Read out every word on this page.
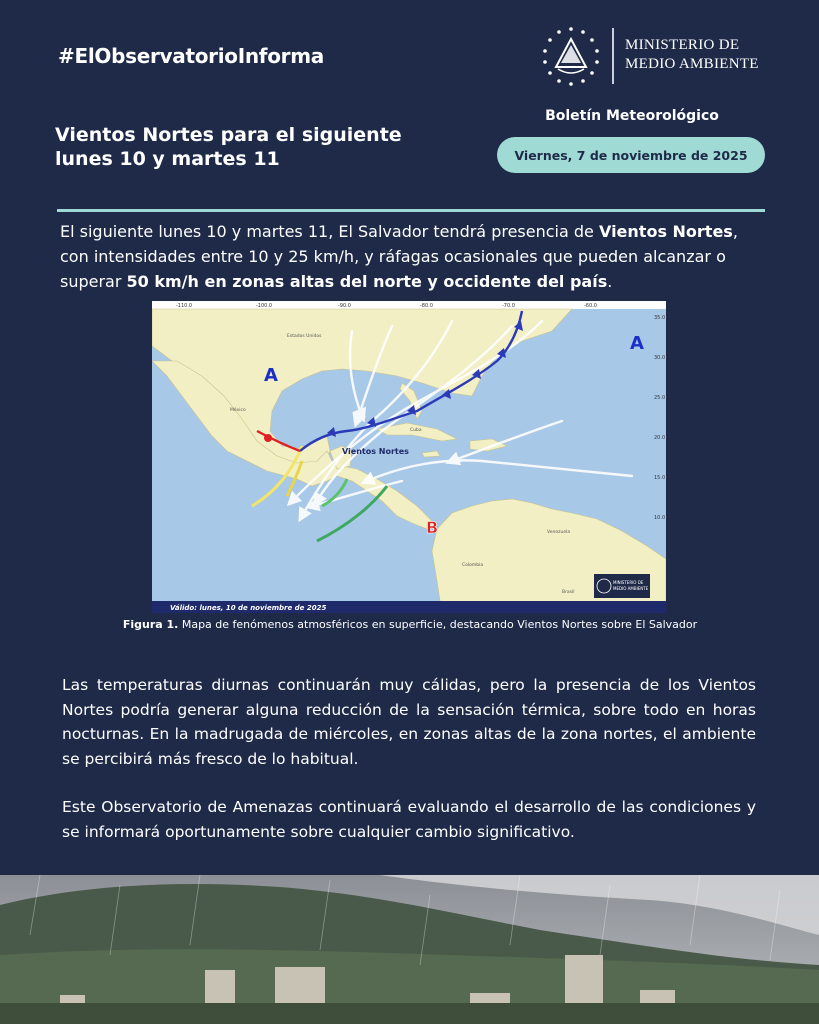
#ElObservatorioInforma	MINISTERIO DE
MEDIO AMBIENTE
Boletín Meteorológico
Viernes, 7 de noviembre de 2025
Vientos Nortes para el siguiente
lunes 10 y martes 11
El siguiente lunes 10 y martes 11, El Salvador tendrá presencia de Vientos Nortes, con intensidades entre 10 y 25 km/h, y ráfagas ocasionales que pueden alcanzar o superar 50 km/h en zonas altas del norte y occidente del país.
-110.0	-100.0	-90.0	-80.0	-70.0	-60.0
35.0
30.0
25.0
20.0
15.0
10.0
A
A
B
Vientos Nortes
Estados Unidos
México
Colombia
Venezuela
Brasil
Cuba
MINISTERIO DE
MEDIO AMBIENTE
Válido: lunes, 10 de noviembre de 2025
Figura 1. Mapa de fenómenos atmosféricos en superficie, destacando Vientos Nortes sobre El Salvador
Las temperaturas diurnas continuarán muy cálidas, pero la presencia de los Vientos Nortes podría generar alguna reducción de la sensación térmica, sobre todo en horas nocturnas. En la madrugada de miércoles, en zonas altas de la zona nortes, el ambiente se percibirá más fresco de lo habitual.
Este Observatorio de Amenazas continuará evaluando el desarrollo de las condiciones y se informará oportunamente sobre cualquier cambio significativo.
